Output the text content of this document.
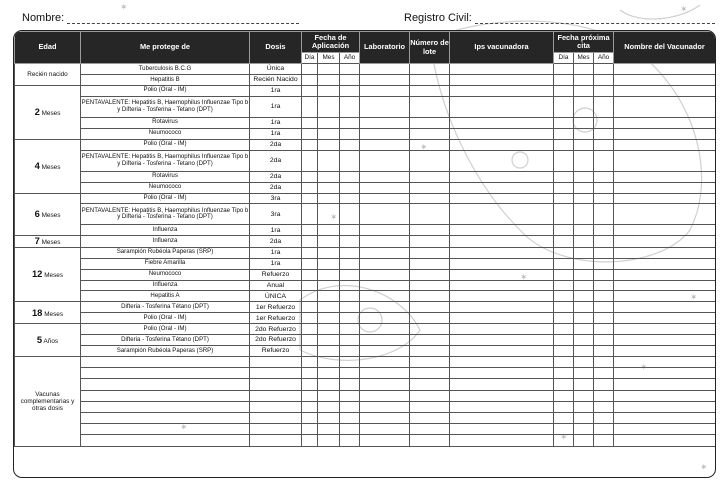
✶	✶
✶
✶
✶
✶
✶
✶
✶
✶
Nombre:	Registro Civil:
Edad	Me protege de	Dosis	Fecha de Aplicación			Laboratorio	Número de lote	Ips vacunadora	Fecha próxima cita			Nombre del Vacunador
			Día	Mes	Año				Día	Mes	Año	
Recién nacido	Tuberculosis B.C.G	Única										
	Hepatitis B	Recién Nacido										
2 Meses	Polio (Oral - IM)	1ra										
	PENTAVALENTE: Hepatitis B, Haemophilus Influenzae Tipo b y Difteria - Tosferina - Tetano (DPT)	1ra										
	Rotavirus	1ra										
	Neumococo	1ra										
4 Meses	Polio (Oral - IM)	2da										
	PENTAVALENTE: Hepatitis B, Haemophilus Influenzae Tipo b y Difteria - Tosferina - Tetano (DPT)	2da										
	Rotavirus	2da										
	Neumococo	2da										
6 Meses	Polio (Oral - IM)	3ra										
	PENTAVALENTE: Hepatitis B, Haemophilus Influenzae Tipo b y Difteria - Tosferina - Tetano (DPT)	3ra										
	Influenza	1ra										
7 Meses	Influenza	2da										
12 Meses	Sarampión Rubéola Paperas (SRP)	1ra										
	Fiebre Amarilla	1ra										
	Neumococo	Refuerzo										
	Influenza	Anual										
	Hepatitis A	ÚNICA										
18 Meses	Difteria - Tosferina Tétano (DPT)	1er Refuerzo										
	Polio (Oral - IM)	1er Refuerzo										
5 Años	Polio (Oral - IM)	2do Refuerzo										
	Difteria - Tosferina Tétano (DPT)	2do Refuerzo										
	Sarampión Rubéola Paperas (SRP)	Refuerzo										
Vacunas complementarias y otras dosis												
